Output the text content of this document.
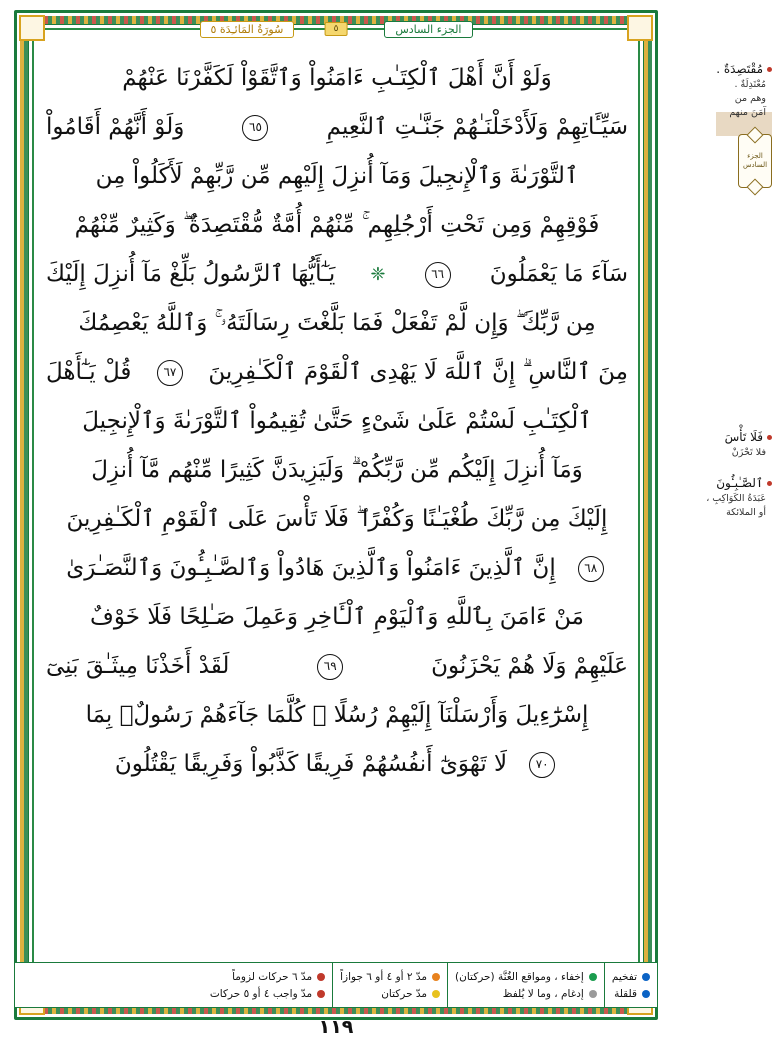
سُورَةُ المَائـِدَة ٥	الجزء السادس
٥
وَلَوْ أَنَّ أَهْلَ ٱلْكِتَـٰبِ ءَامَنُواْ وَٱتَّقَوْاْ لَكَفَّرْنَا عَنْهُمْ
سَيِّـَٔاتِهِمْ وَلَأَدْخَلْنَـٰهُمْ جَنَّـٰتِ ٱلنَّعِيمِ
٦٥
وَلَوْ أَنَّهُمْ أَقَامُواْ
ٱلتَّوْرَىٰةَ وَٱلْإِنجِيلَ وَمَآ أُنزِلَ إِلَيْهِم مِّن رَّبِّهِمْ لَأَكَلُواْ مِن
فَوْقِهِمْ وَمِن تَحْتِ أَرْجُلِهِم ۚ مِّنْهُمْ أُمَّةٌ مُّقْتَصِدَةٌ ۖ وَكَثِيرٌ مِّنْهُمْ
سَآءَ مَا يَعْمَلُونَ
٦٦
❈
يَـٰٓأَيُّهَا ٱلرَّسُولُ بَلِّغْ مَآ أُنزِلَ إِلَيْكَ
مِن رَّبِّكَ ۖ وَإِن لَّمْ تَفْعَلْ فَمَا بَلَّغْتَ رِسَالَتَهُۥ ۚ وَٱللَّهُ يَعْصِمُكَ
مِنَ ٱلنَّاسِ ۗ إِنَّ ٱللَّهَ لَا يَهْدِى ٱلْقَوْمَ ٱلْكَـٰفِرِينَ
٦٧
قُلْ يَـٰٓأَهْلَ
ٱلْكِتَـٰبِ لَسْتُمْ عَلَىٰ شَىْءٍ حَتَّىٰ تُقِيمُواْ ٱلتَّوْرَىٰةَ وَٱلْإِنجِيلَ
وَمَآ أُنزِلَ إِلَيْكُم مِّن رَّبِّكُمْ ۗ وَلَيَزِيدَنَّ كَثِيرًا مِّنْهُم مَّآ أُنزِلَ
إِلَيْكَ مِن رَّبِّكَ طُغْيَـٰنًا وَكُفْرًا ۖ فَلَا تَأْسَ عَلَى ٱلْقَوْمِ ٱلْكَـٰفِرِينَ
٦٨
إِنَّ ٱلَّذِينَ ءَامَنُواْ وَٱلَّذِينَ هَادُواْ وَٱلصَّـٰبِـُٔونَ وَٱلنَّصَـٰرَىٰ
مَنْ ءَامَنَ بِٱللَّهِ وَٱلْيَوْمِ ٱلْـَٔاخِرِ وَعَمِلَ صَـٰلِحًا فَلَا خَوْفٌ
عَلَيْهِمْ وَلَا هُمْ يَحْزَنُونَ
٦٩
لَقَدْ أَخَذْنَا مِيثَـٰقَ بَنِىٓ
إِسْرَٰٓءِيلَ وَأَرْسَلْنَآ إِلَيْهِمْ رُسُلًا ۖ كُلَّمَا جَآءَهُمْ رَسُولٌۢ بِمَا
٧٠
لَا تَهْوَىٰٓ أَنفُسُهُمْ فَرِيقًا كَذَّبُواْ وَفَرِيقًا يَقْتُلُونَ
مُقْتَصِدَةٌ .
مُعْتَدِلَةٌ .
وهم من
آمَنَ منهم
الجزء السادس
فَلَا تَأْسَ
فلا تَحْزَنْ
ٱلصَّـٰبِـُٔونَ
عَبَدَةُ الكَوَاكِبِ ،
أو الملائكة
تفخيم
قلقلة
إخفاء ، ومواقع الغُنَّة (حركتان)
إدغام ، وما لا يُلفظ
مدّ ٢ أو ٤ أو ٦ جوازاً
مدّ حركتان
مدّ ٦ حركات لزوماً
مدّ واجب ٤ أو ٥ حركات
١١٩
